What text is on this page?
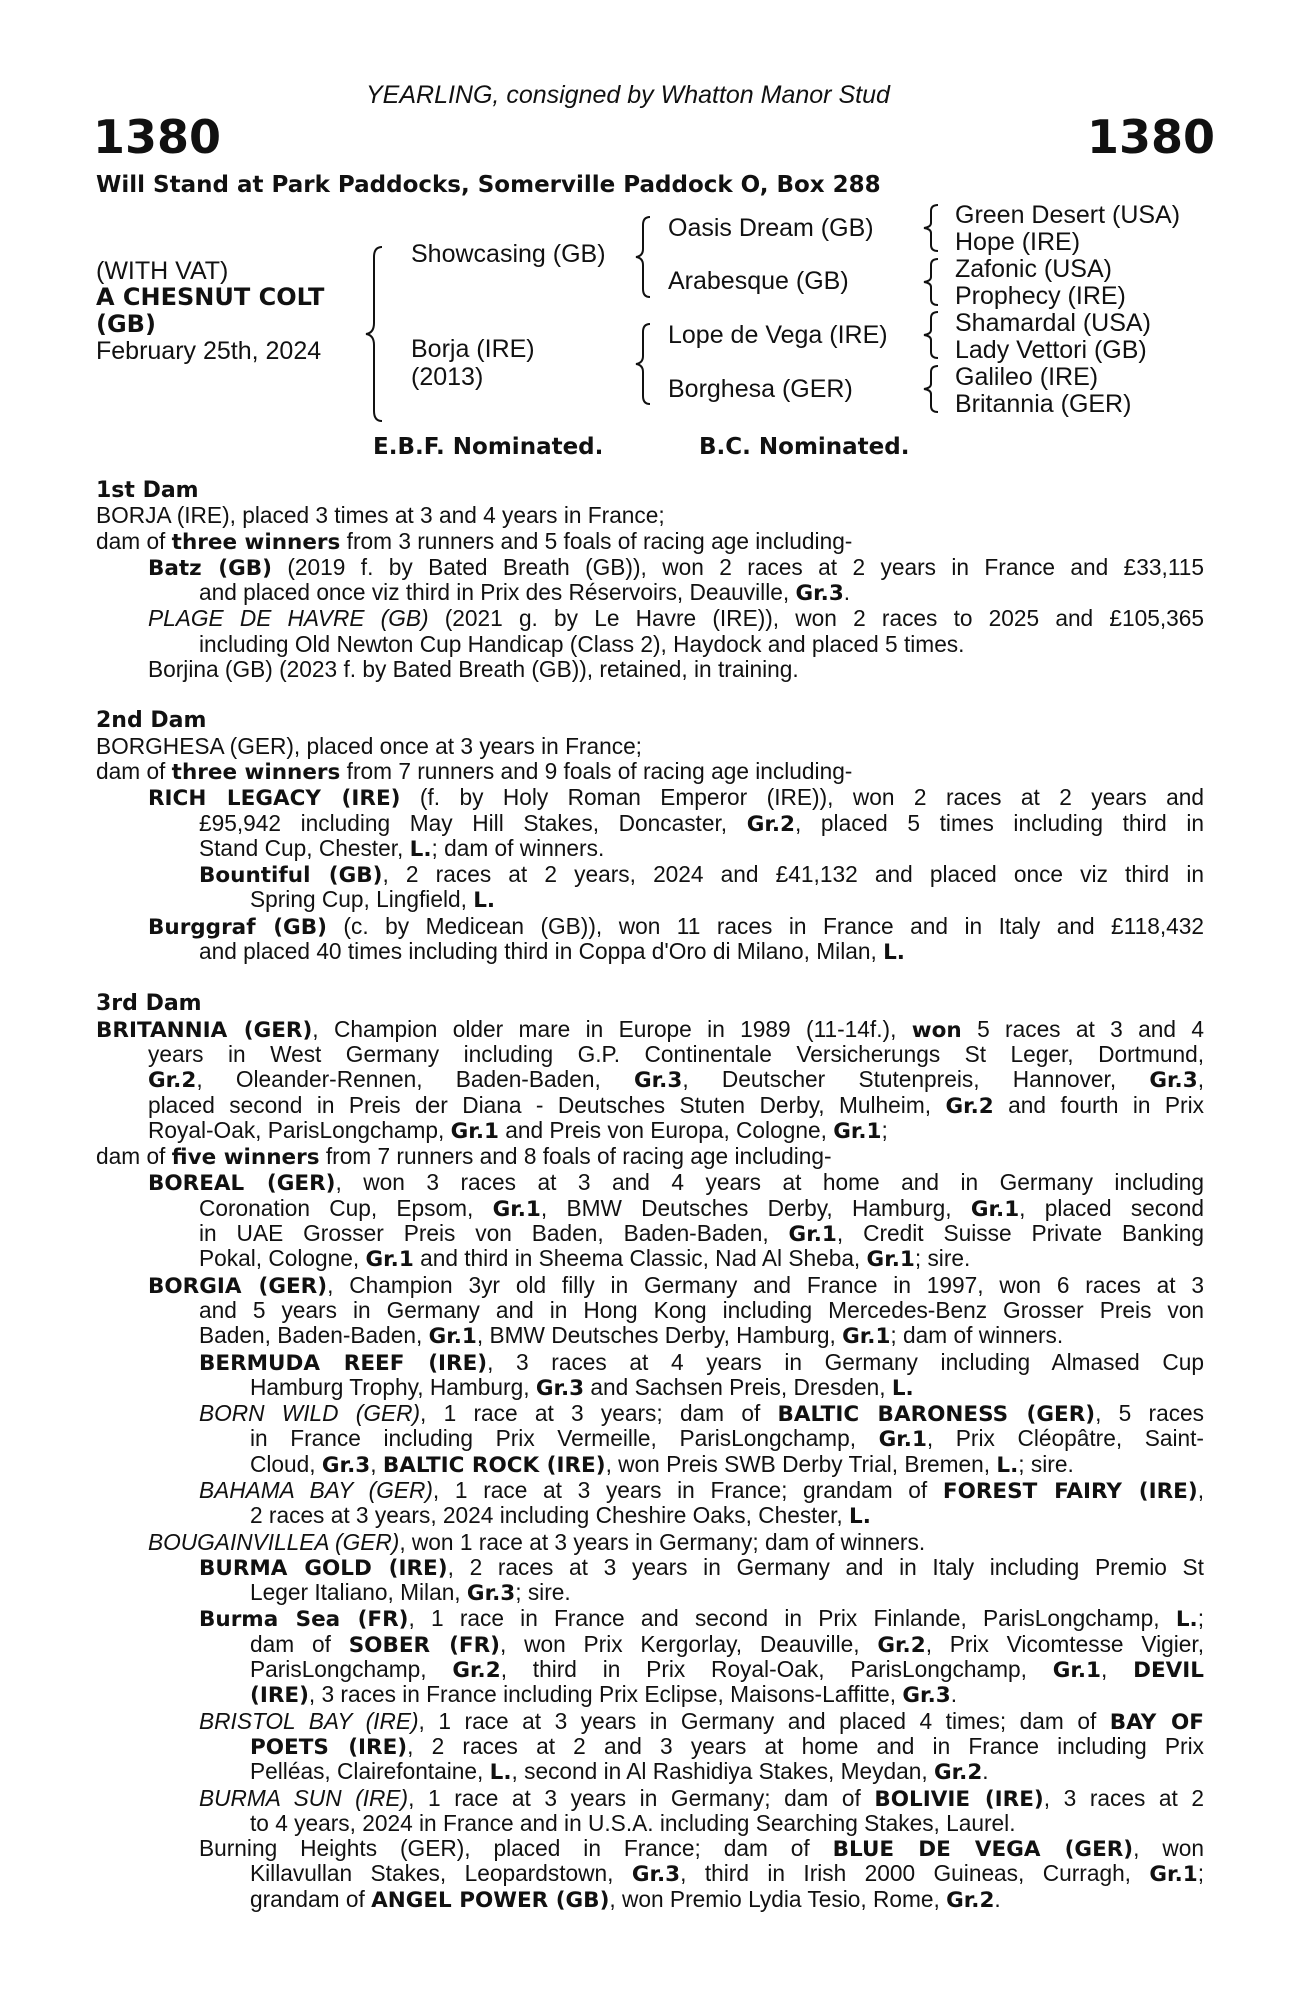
YEARLING, consigned by Whatton Manor Stud
1380	1380
Will Stand at Park Paddocks, Somerville Paddock O, Box 288
(WITH VAT)
A CHESNUT COLT
(GB)
February 25th, 2024
Showcasing (GB)
Borja (IRE)
(2013)
Oasis Dream (GB)
Arabesque (GB)
Lope de Vega (IRE)
Borghesa (GER)
Green Desert (USA)
Hope (IRE)
Zafonic (USA)
Prophecy (IRE)
Shamardal (USA)
Lady Vettori (GB)
Galileo (IRE)
Britannia (GER)
E.B.F. Nominated.	B.C. Nominated.
1st Dam
BORJA (IRE), placed 3 times at 3 and 4 years in France;
dam of three winners from 3 runners and 5 foals of racing age including-
Batz (GB) (2019 f. by Bated Breath (GB)), won 2 races at 2 years in France and £33,115
and placed once viz third in Prix des Réservoirs, Deauville, Gr.3.
PLAGE DE HAVRE (GB) (2021 g. by Le Havre (IRE)), won 2 races to 2025 and £105,365
including Old Newton Cup Handicap (Class 2), Haydock and placed 5 times.
Borjina (GB) (2023 f. by Bated Breath (GB)), retained, in training.
2nd Dam
BORGHESA (GER), placed once at 3 years in France;
dam of three winners from 7 runners and 9 foals of racing age including-
RICH LEGACY (IRE) (f. by Holy Roman Emperor (IRE)), won 2 races at 2 years and
£95,942 including May Hill Stakes, Doncaster, Gr.2, placed 5 times including third in
Stand Cup, Chester, L.; dam of winners.
Bountiful (GB), 2 races at 2 years, 2024 and £41,132 and placed once viz third in
Spring Cup, Lingfield, L.
Burggraf (GB) (c. by Medicean (GB)), won 11 races in France and in Italy and £118,432
and placed 40 times including third in Coppa d'Oro di Milano, Milan, L.
3rd Dam
BRITANNIA (GER), Champion older mare in Europe in 1989 (11-14f.), won 5 races at 3 and 4
years in West Germany including G.P. Continentale Versicherungs St Leger, Dortmund,
Gr.2, Oleander-Rennen, Baden-Baden, Gr.3, Deutscher Stutenpreis, Hannover, Gr.3,
placed second in Preis der Diana - Deutsches Stuten Derby, Mulheim, Gr.2 and fourth in Prix
Royal-Oak, ParisLongchamp, Gr.1 and Preis von Europa, Cologne, Gr.1;
dam of five winners from 7 runners and 8 foals of racing age including-
BOREAL (GER), won 3 races at 3 and 4 years at home and in Germany including
Coronation Cup, Epsom, Gr.1, BMW Deutsches Derby, Hamburg, Gr.1, placed second
in UAE Grosser Preis von Baden, Baden-Baden, Gr.1, Credit Suisse Private Banking
Pokal, Cologne, Gr.1 and third in Sheema Classic, Nad Al Sheba, Gr.1; sire.
BORGIA (GER), Champion 3yr old filly in Germany and France in 1997, won 6 races at 3
and 5 years in Germany and in Hong Kong including Mercedes-Benz Grosser Preis von
Baden, Baden-Baden, Gr.1, BMW Deutsches Derby, Hamburg, Gr.1; dam of winners.
BERMUDA REEF (IRE), 3 races at 4 years in Germany including Almased Cup
Hamburg Trophy, Hamburg, Gr.3 and Sachsen Preis, Dresden, L.
BORN WILD (GER), 1 race at 3 years; dam of BALTIC BARONESS (GER), 5 races
in France including Prix Vermeille, ParisLongchamp, Gr.1, Prix Cléopâtre, Saint-
Cloud, Gr.3, BALTIC ROCK (IRE), won Preis SWB Derby Trial, Bremen, L.; sire.
BAHAMA BAY (GER), 1 race at 3 years in France; grandam of FOREST FAIRY (IRE),
2 races at 3 years, 2024 including Cheshire Oaks, Chester, L.
BOUGAINVILLEA (GER), won 1 race at 3 years in Germany; dam of winners.
BURMA GOLD (IRE), 2 races at 3 years in Germany and in Italy including Premio St
Leger Italiano, Milan, Gr.3; sire.
Burma Sea (FR), 1 race in France and second in Prix Finlande, ParisLongchamp, L.;
dam of SOBER (FR), won Prix Kergorlay, Deauville, Gr.2, Prix Vicomtesse Vigier,
ParisLongchamp, Gr.2, third in Prix Royal-Oak, ParisLongchamp, Gr.1, DEVIL
(IRE), 3 races in France including Prix Eclipse, Maisons-Laffitte, Gr.3.
BRISTOL BAY (IRE), 1 race at 3 years in Germany and placed 4 times; dam of BAY OF
POETS (IRE), 2 races at 2 and 3 years at home and in France including Prix
Pelléas, Clairefontaine, L., second in Al Rashidiya Stakes, Meydan, Gr.2.
BURMA SUN (IRE), 1 race at 3 years in Germany; dam of BOLIVIE (IRE), 3 races at 2
to 4 years, 2024 in France and in U.S.A. including Searching Stakes, Laurel.
Burning Heights (GER), placed in France; dam of BLUE DE VEGA (GER), won
Killavullan Stakes, Leopardstown, Gr.3, third in Irish 2000 Guineas, Curragh, Gr.1;
grandam of ANGEL POWER (GB), won Premio Lydia Tesio, Rome, Gr.2.
